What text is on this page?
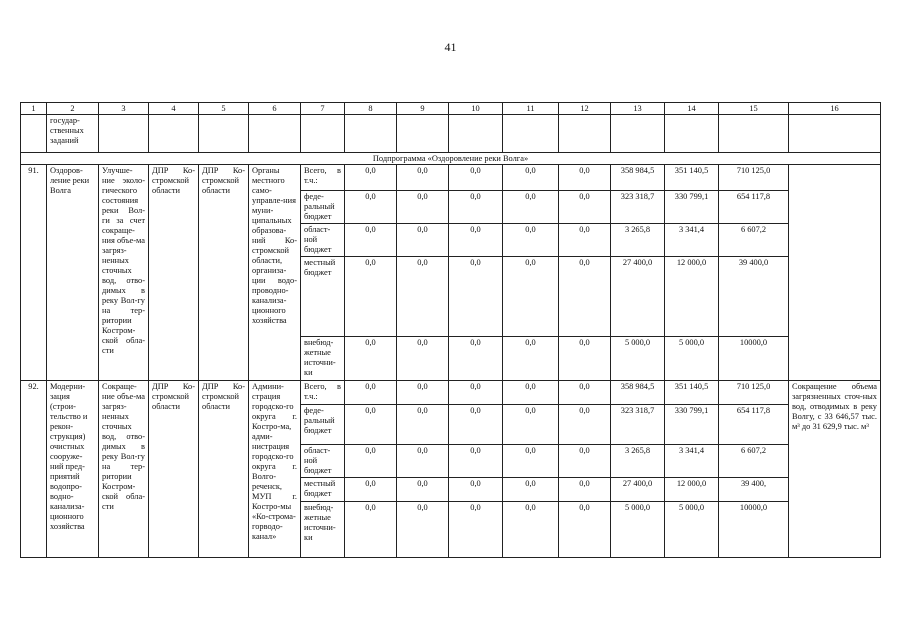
41
1	2	3	4	5	6	7	8	9	10	11	12	13	14	15	16
	государ-ственных заданий														
Подпрограмма «Оздоровление реки Волга»															
91.	Оздоров-ление реки Волга	Улучше-ние эколо-гического состояния реки Вол-ги за счет сокраще-ния объе-ма загряз-ненных сточных вод, отво-димых в реку Вол-гу на тер-ритории Костром-ской обла-сти	ДПР Ко-стромской области	ДПР Ко-стромской области	Органы местного само-управле-ния муни-ципальных образова-ний Ко-стромской области, организа-ции водо-проводно-канализа-ционного хозяйства	Всего, в т.ч.:	0,0	0,0	0,0	0,0	0,0	358 984,5	351 140,5	710 125,0	
						феде-ральный бюджет	0,0	0,0	0,0	0,0	0,0	323 318,7	330 799,1	654 117,8	
						област-ной бюджет	0,0	0,0	0,0	0,0	0,0	3 265,8	3 341,4	6 607,2	
						местный бюджет	0,0	0,0	0,0	0,0	0,0	27 400,0	12 000,0	39 400,0	
						внебюд-жетные источни-ки	0,0	0,0	0,0	0,0	0,0	5 000,0	5 000,0	10000,0	
92.	Модерни-зация (строи-тельство и рекон-струкция) очистных сооруже-ний пред-приятий водопро-водно-канализа-ционного хозяйства	Сокраще-ние объе-ма загряз-ненных сточных вод, отво-димых в реку Вол-гу на тер-ритории Костром-ской обла-сти	ДПР Ко-стромской области	ДПР Ко-стромской области	Админи-страция городско-го округа г. Костро-ма, адми-нистрация городско-го округа г. Волго-реченск, МУП г. Костро-мы «Ко-строма-горводо-канал»	Всего, в т.ч.:	0,0	0,0	0,0	0,0	0,0	358 984,5	351 140,5	710 125,0	Сокращение объема загрязненных сточ-ных вод, отводимых в реку Волгу, с 33 646,57 тыс. м³ до 31 629,9 тыс. м³
						феде-ральный бюджет	0,0	0,0	0,0	0,0	0,0	323 318,7	330 799,1	654 117,8	
						област-ной бюджет	0,0	0,0	0,0	0,0	0,0	3 265,8	3 341,4	6 607,2	
						местный бюджет	0,0	0,0	0,0	0,0	0,0	27 400,0	12 000,0	39 400,	
						внебюд-жетные источни-ки	0,0	0,0	0,0	0,0	0,0	5 000,0	5 000,0	10000,0	
